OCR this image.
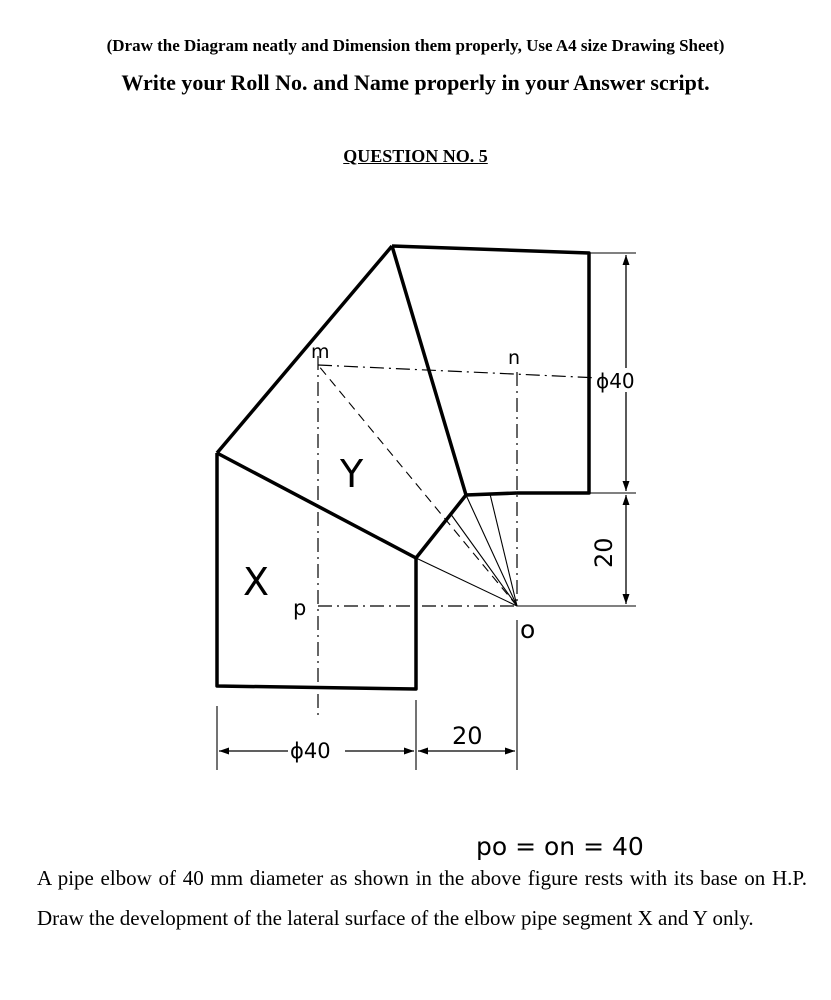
(Draw the Diagram neatly and Dimension them properly, Use A4 size Drawing Sheet)
Write your Roll No. and Name properly in your Answer script.
QUESTION NO. 5
m	n
p
o
X
Y
ϕ40
ϕ40
20
20
po = on = 40
A pipe elbow of 40 mm diameter as shown in the above figure rests with its base on H.P. Draw the development of the lateral surface of the elbow pipe segment X and Y only.
